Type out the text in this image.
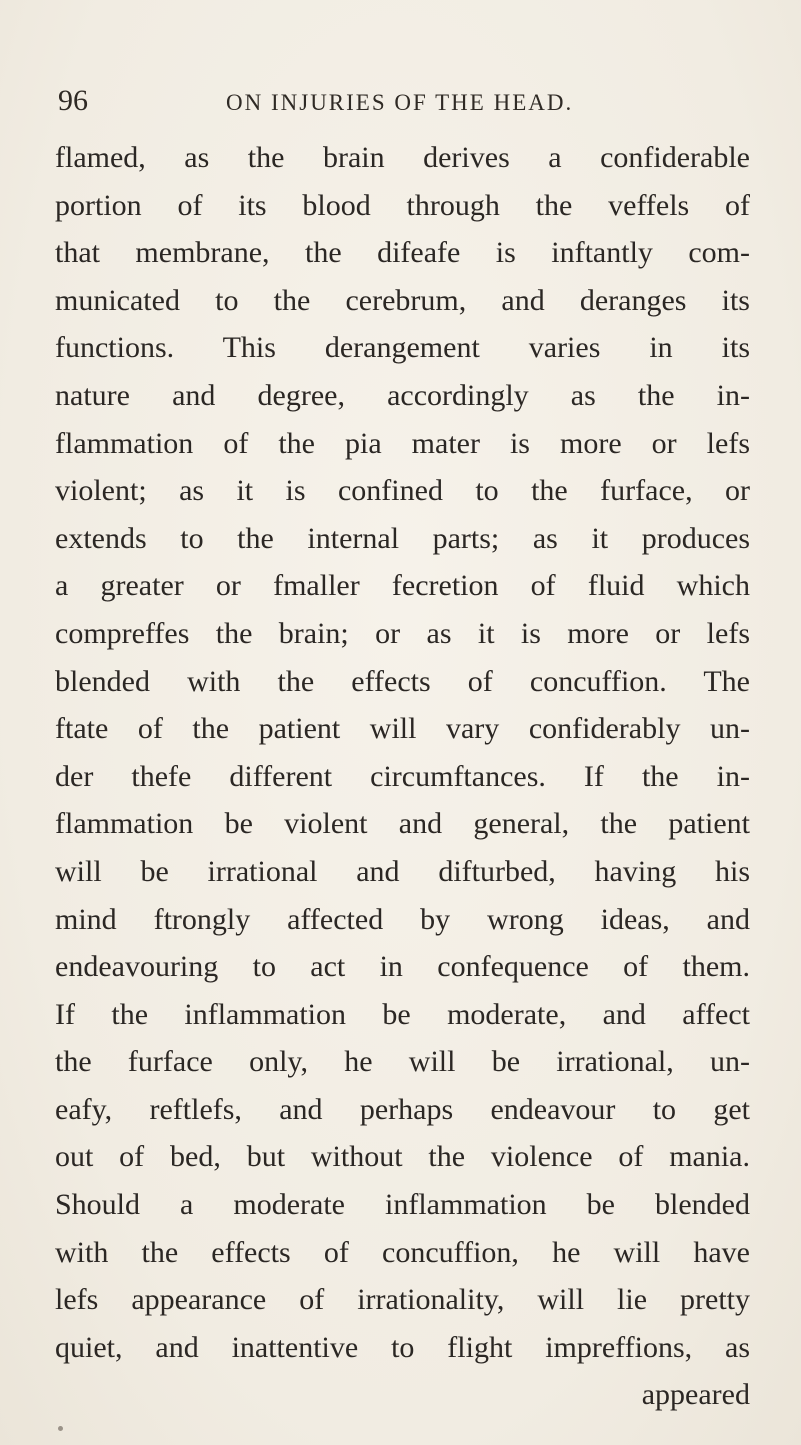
96	ON INJURIES OF THE HEAD.
flamed, as the brain derives a confiderable
portion of its blood through the veffels of
that membrane, the difeafe is inftantly com-
municated to the cerebrum, and deranges its
functions. This derangement varies in its
nature and degree, accordingly as the in-
flammation of the pia mater is more or lefs
violent; as it is confined to the furface, or
extends to the internal parts; as it produces
a greater or fmaller fecretion of fluid which
compreffes the brain; or as it is more or lefs
blended with the effects of concuffion. The
ftate of the patient will vary confiderably un-
der thefe different circumftances. If the in-
flammation be violent and general, the patient
will be irrational and difturbed, having his
mind ftrongly affected by wrong ideas, and
endeavouring to act in confequence of them.
If the inflammation be moderate, and affect
the furface only, he will be irrational, un-
eafy, reftlefs, and perhaps endeavour to get
out of bed, but without the violence of mania.
Should a moderate inflammation be blended
with the effects of concuffion, he will have
lefs appearance of irrationality, will lie pretty
quiet, and inattentive to flight impreffions, as
appeared
